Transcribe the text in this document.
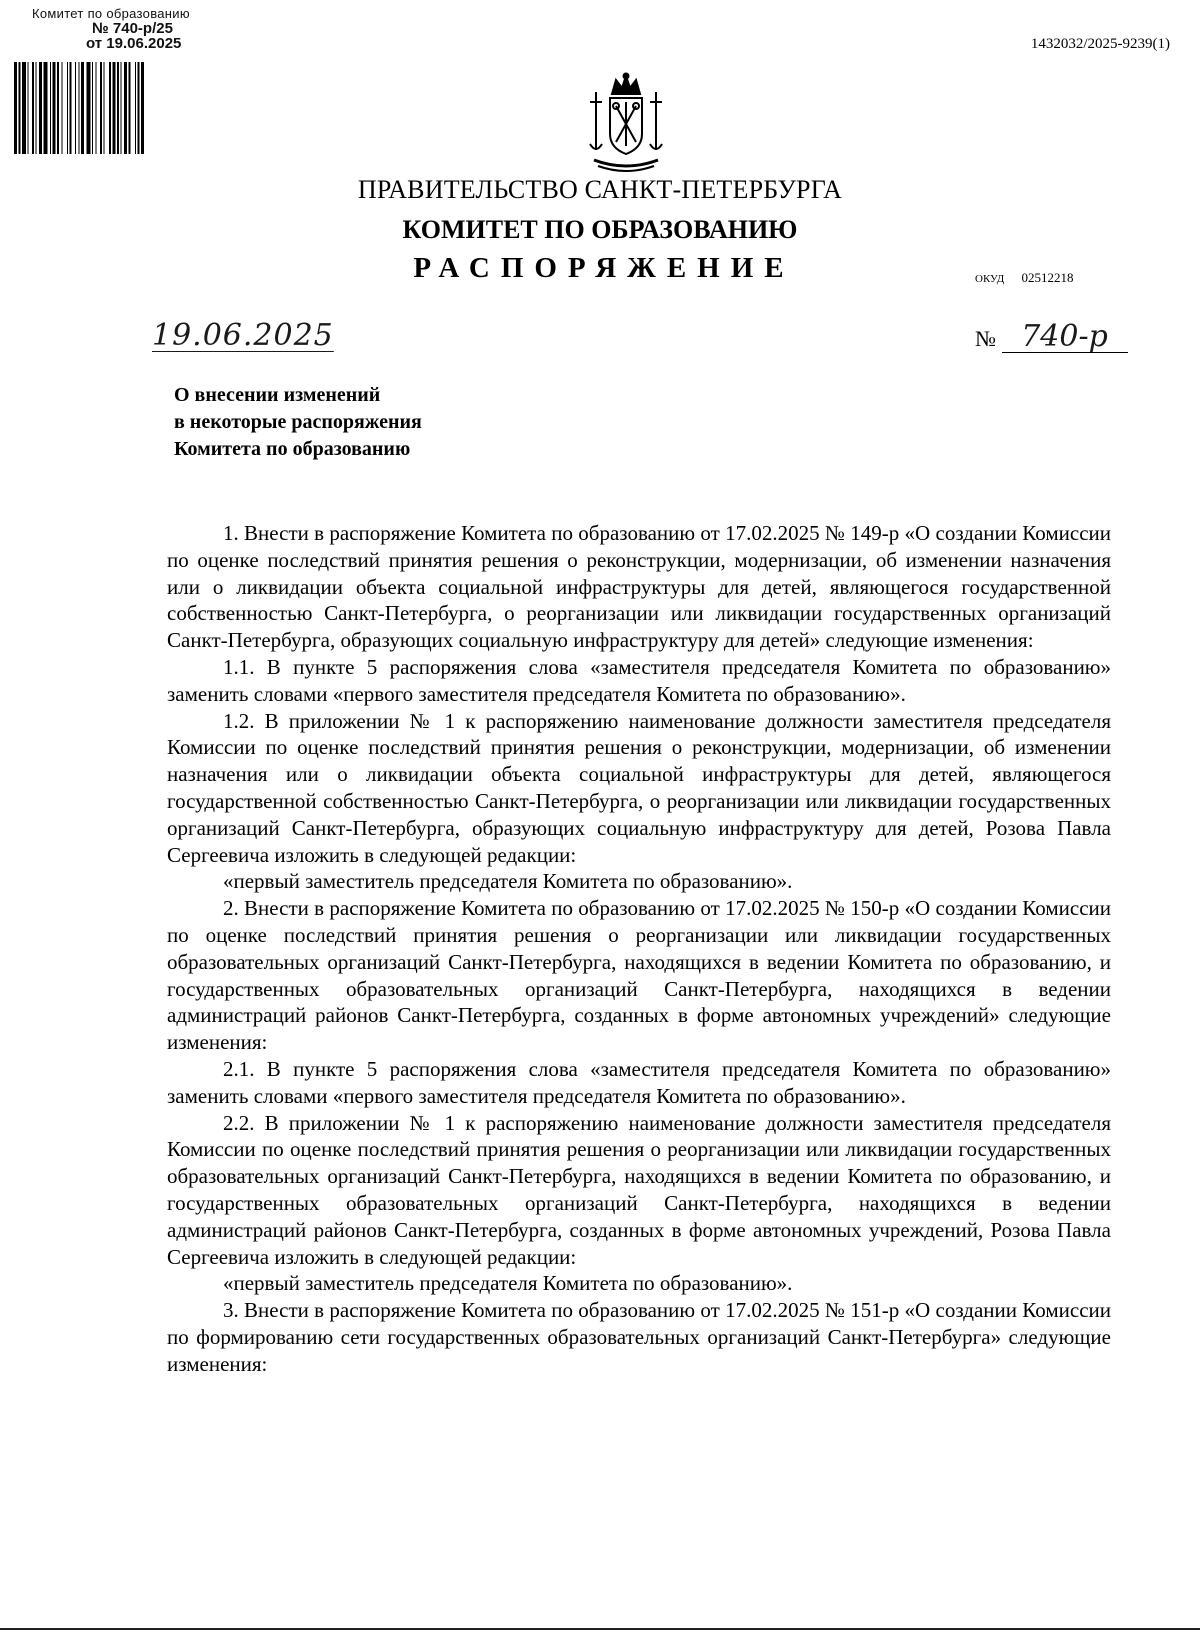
Комитет по образованию
№ 740-р/25
от 19.06.2025	1432032/2025-9239(1)
ПРАВИТЕЛЬСТВО САНКТ-ПЕТЕРБУРГА
КОМИТЕТ ПО ОБРАЗОВАНИЮ
РАСПОРЯЖЕНИЕ	ОКУД 02512218
19.06.2025	№ 740-р
О внесении изменений
в некоторые распоряжения
Комитета по образованию

1. Внести в распоряжение Комитета по образованию от 17.02.2025 № 149-р «О создании Комиссии по оценке последствий принятия решения о реконструкции, модернизации, об изменении назначения или о ликвидации объекта социальной инфраструктуры для детей, являющегося государственной собственностью Санкт-Петербурга, о реорганизации или ликвидации государственных организаций Санкт-Петербурга, образующих социальную инфраструктуру для детей» следующие изменения:

1.1. В пункте 5 распоряжения слова «заместителя председателя Комитета по образованию» заменить словами «первого заместителя председателя Комитета по образованию».

1.2. В приложении № 1 к распоряжению наименование должности заместителя председателя Комиссии по оценке последствий принятия решения о реконструкции, модернизации, об изменении назначения или о ликвидации объекта социальной инфраструктуры для детей, являющегося государственной собственностью Санкт-Петербурга, о реорганизации или ликвидации государственных организаций Санкт-Петербурга, образующих социальную инфраструктуру для детей, Розова Павла Сергеевича изложить в следующей редакции:

«первый заместитель председателя Комитета по образованию».

2. Внести в распоряжение Комитета по образованию от 17.02.2025 № 150-р «О создании Комиссии по оценке последствий принятия решения о реорганизации или ликвидации государственных образовательных организаций Санкт-Петербурга, находящихся в ведении Комитета по образованию, и государственных образовательных организаций Санкт-Петербурга, находящихся в ведении администраций районов Санкт-Петербурга, созданных в форме автономных учреждений» следующие изменения:

2.1. В пункте 5 распоряжения слова «заместителя председателя Комитета по образованию» заменить словами «первого заместителя председателя Комитета по образованию».

2.2. В приложении № 1 к распоряжению наименование должности заместителя председателя Комиссии по оценке последствий принятия решения о реорганизации или ликвидации государственных образовательных организаций Санкт-Петербурга, находящихся в ведении Комитета по образованию, и государственных образовательных организаций Санкт-Петербурга, находящихся в ведении администраций районов Санкт-Петербурга, созданных в форме автономных учреждений, Розова Павла Сергеевича изложить в следующей редакции:

«первый заместитель председателя Комитета по образованию».

3. Внести в распоряжение Комитета по образованию от 17.02.2025 № 151-р «О создании Комиссии по формированию сети государственных образовательных организаций Санкт-Петербурга» следующие изменения:
